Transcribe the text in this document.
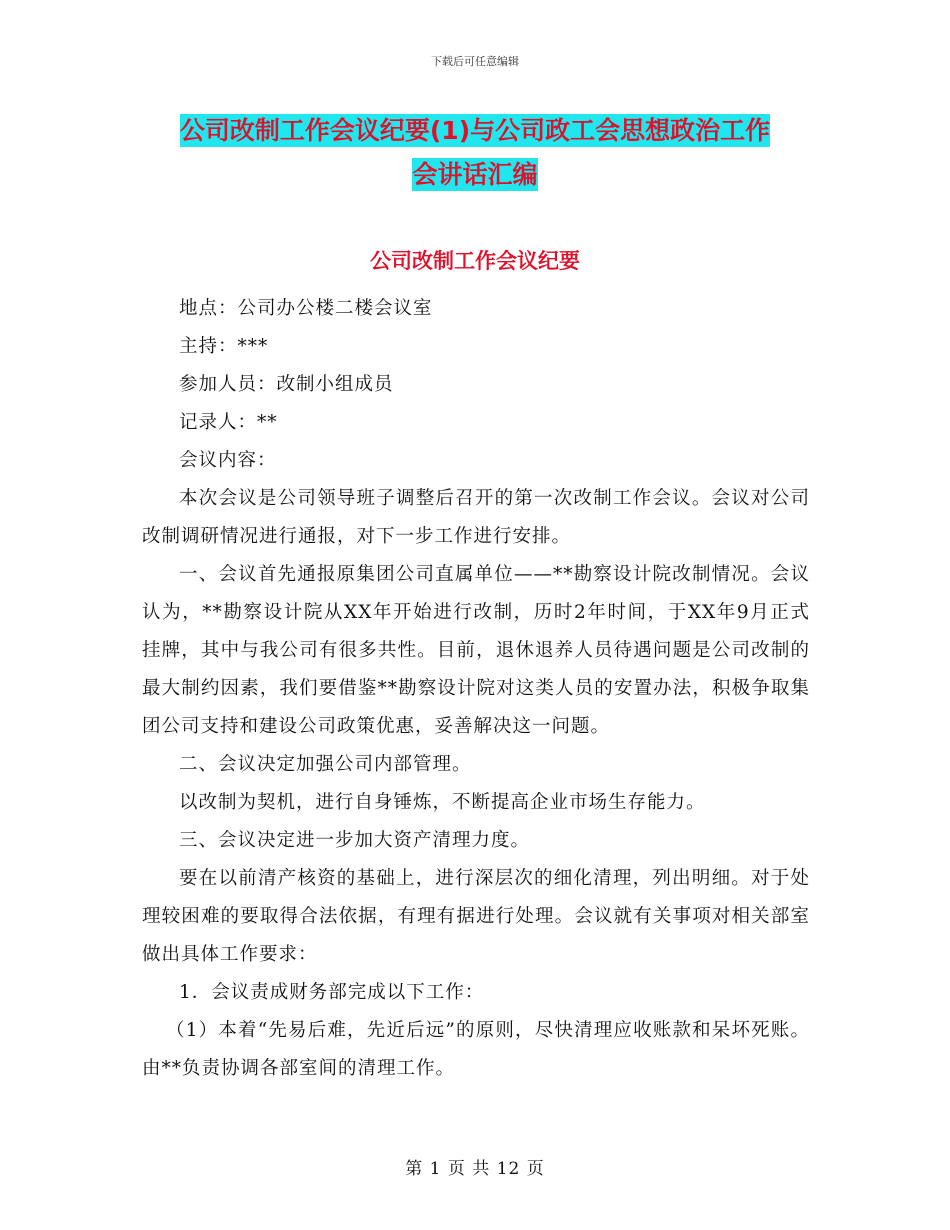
下载后可任意编辑
公司改制工作会议纪要(1)与公司政工会思想政治工作
会讲话汇编
公司改制工作会议纪要

地点：公司办公楼二楼会议室

主持：***

参加人员：改制小组成员

记录人：**

会议内容：

本次会议是公司领导班子调整后召开的第一次改制工作会议。会议对公司改制调研情况进行通报，对下一步工作进行安排。

一、会议首先通报原集团公司直属单位——**勘察设计院改制情况。会议认为，**勘察设计院从XX年开始进行改制，历时2年时间，于XX年9月正式挂牌，其中与我公司有很多共性。目前，退休退养人员待遇问题是公司改制的最大制约因素，我们要借鉴**勘察设计院对这类人员的安置办法，积极争取集团公司支持和建设公司政策优惠，妥善解决这一问题。

二、会议决定加强公司内部管理。

以改制为契机，进行自身锤炼，不断提高企业市场生存能力。

三、会议决定进一步加大资产清理力度。

要在以前清产核资的基础上，进行深层次的细化清理，列出明细。对于处理较困难的要取得合法依据，有理有据进行处理。会议就有关事项对相关部室做出具体工作要求：

1．会议责成财务部完成以下工作：

（1）本着“先易后难，先近后远”的原则，尽快清理应收账款和呆坏死账。由**负责协调各部室间的清理工作。

第 1 页 共 12 页
